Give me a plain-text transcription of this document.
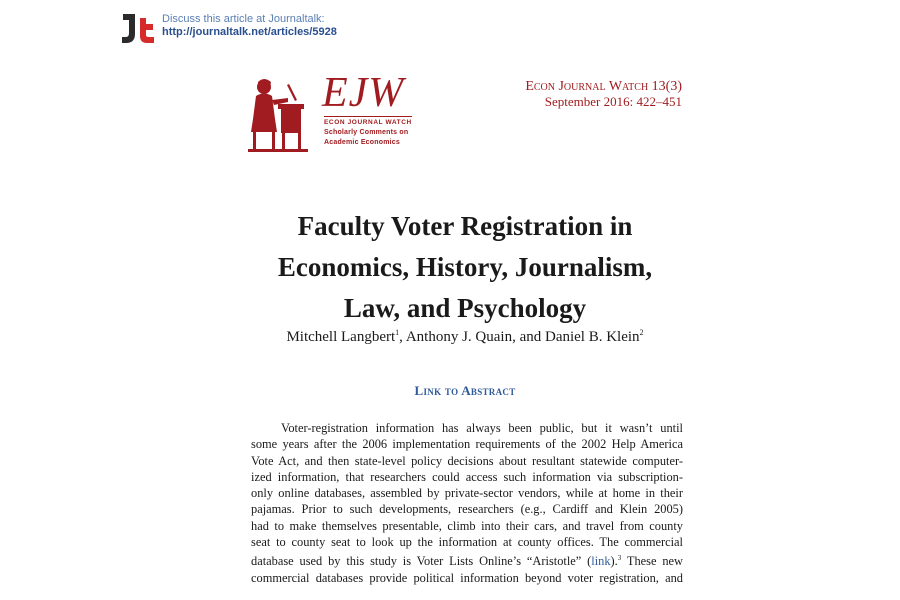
Discuss this article at Journaltalk:
http://journaltalk.net/articles/5928
EJW
ECON JOURNAL WATCH
Scholarly Comments on
Academic Economics
Econ Journal Watch 13(3)
September 2016: 422–451
Faculty Voter Registration in
Economics, History, Journalism,
Law, and Psychology
Mitchell Langbert$^1$, Anthony J. Quain, and Daniel B. Klein$^2$
Link to Abstract
Voter-registration information has always been public, but it wasn’t until
some years after the 2006 implementation requirements of the 2002 Help America
Vote Act, and then state-level policy decisions about resultant statewide computer-
ized information, that researchers could access such information via subscription-
only online databases, assembled by private-sector vendors, while at home in their
pajamas. Prior to such developments, researchers (e.g., Cardiff and Klein 2005)
had to make themselves presentable, climb into their cars, and travel from county
seat to county seat to look up the information at county offices. The commercial
database used by this study is Voter Lists Online’s “Aristotle” (link).$^3$ These new
commercial databases provide political information beyond voter registration, and
